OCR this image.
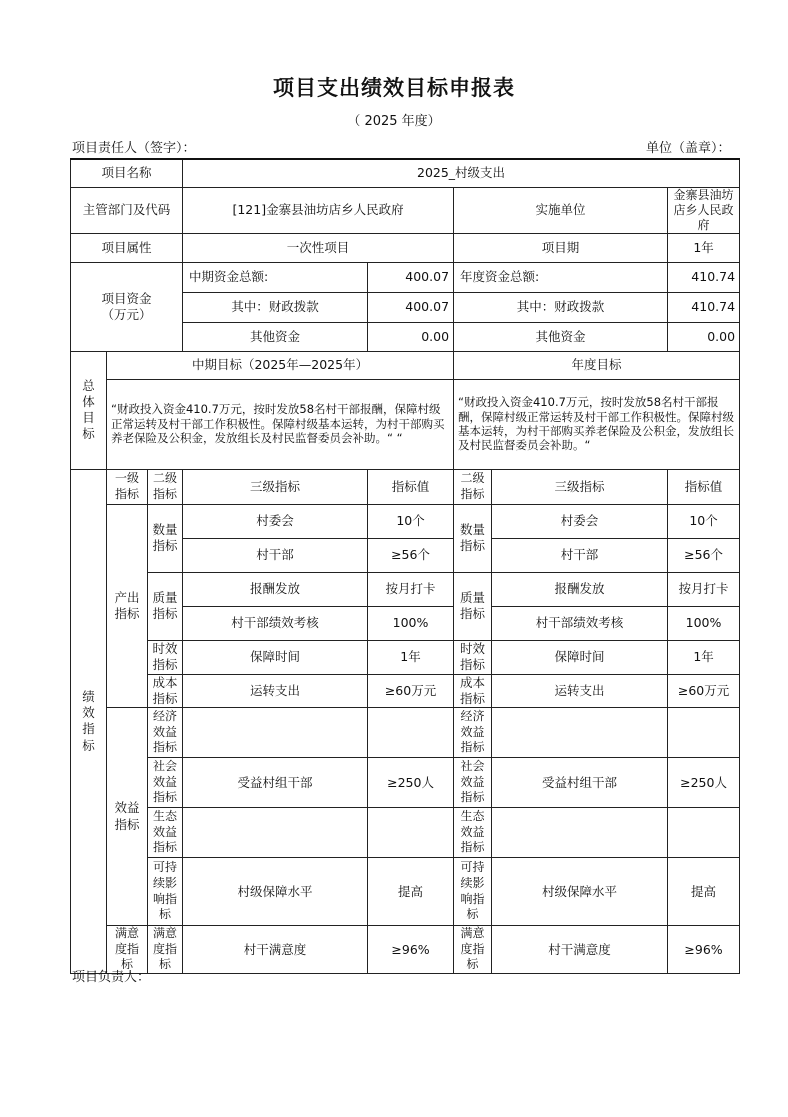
项目支出绩效目标申报表
（ 2025 年度）
项目责任人（签字）：	单位（盖章）：
项目名称			2025_村级支出				
主管部门及代码			[121]金寨县油坊店乡人民政府		实施单位		金寨县油坊店乡人民政府
项目属性			一次性项目		项目期		1年
项目资金（万元）			中期资金总额:	400.07	年度资金总额:		410.74
			其中：财政拨款	400.07	其中：财政拨款		410.74
			其他资金	0.00	其他资金		0.00
总体目标	中期目标（2025年—2025年）				年度目标		
	“财政投入资金410.7万元，按时发放58名村干部报酬，保障村级正常运转及村干部工作积极性。保障村级基本运转，为村干部购买养老保险及公积金，发放组长及村民监督委员会补助。“ “				“财政投入资金410.7万元，按时发放58名村干部报酬，保障村级正常运转及村干部工作积极性。保障村级基本运转，为村干部购买养老保险及公积金，发放组长及村民监督委员会补助。“		
绩效指标	一级指标	二级指标	三级指标	指标值	二级指标	三级指标	指标值
	产出指标	数量指标	村委会	10个	数量指标	村委会	10个
			村干部	≥56个		村干部	≥56个
		质量指标	报酬发放	按月打卡	质量指标	报酬发放	按月打卡
			村干部绩效考核	100%		村干部绩效考核	100%
		时效指标	保障时间	1年	时效指标	保障时间	1年
		成本指标	运转支出	≥60万元	成本指标	运转支出	≥60万元
	效益指标	经济效益指标			经济效益指标		
		社会效益指标	受益村组干部	≥250人	社会效益指标	受益村组干部	≥250人
		生态效益指标			生态效益指标		
		可持续影响指标	村级保障水平	提高	可持续影响指标	村级保障水平	提高
	满意度指标	满意度指标	村干满意度	≥96%	满意度指标	村干满意度	≥96%
项目负责人：
